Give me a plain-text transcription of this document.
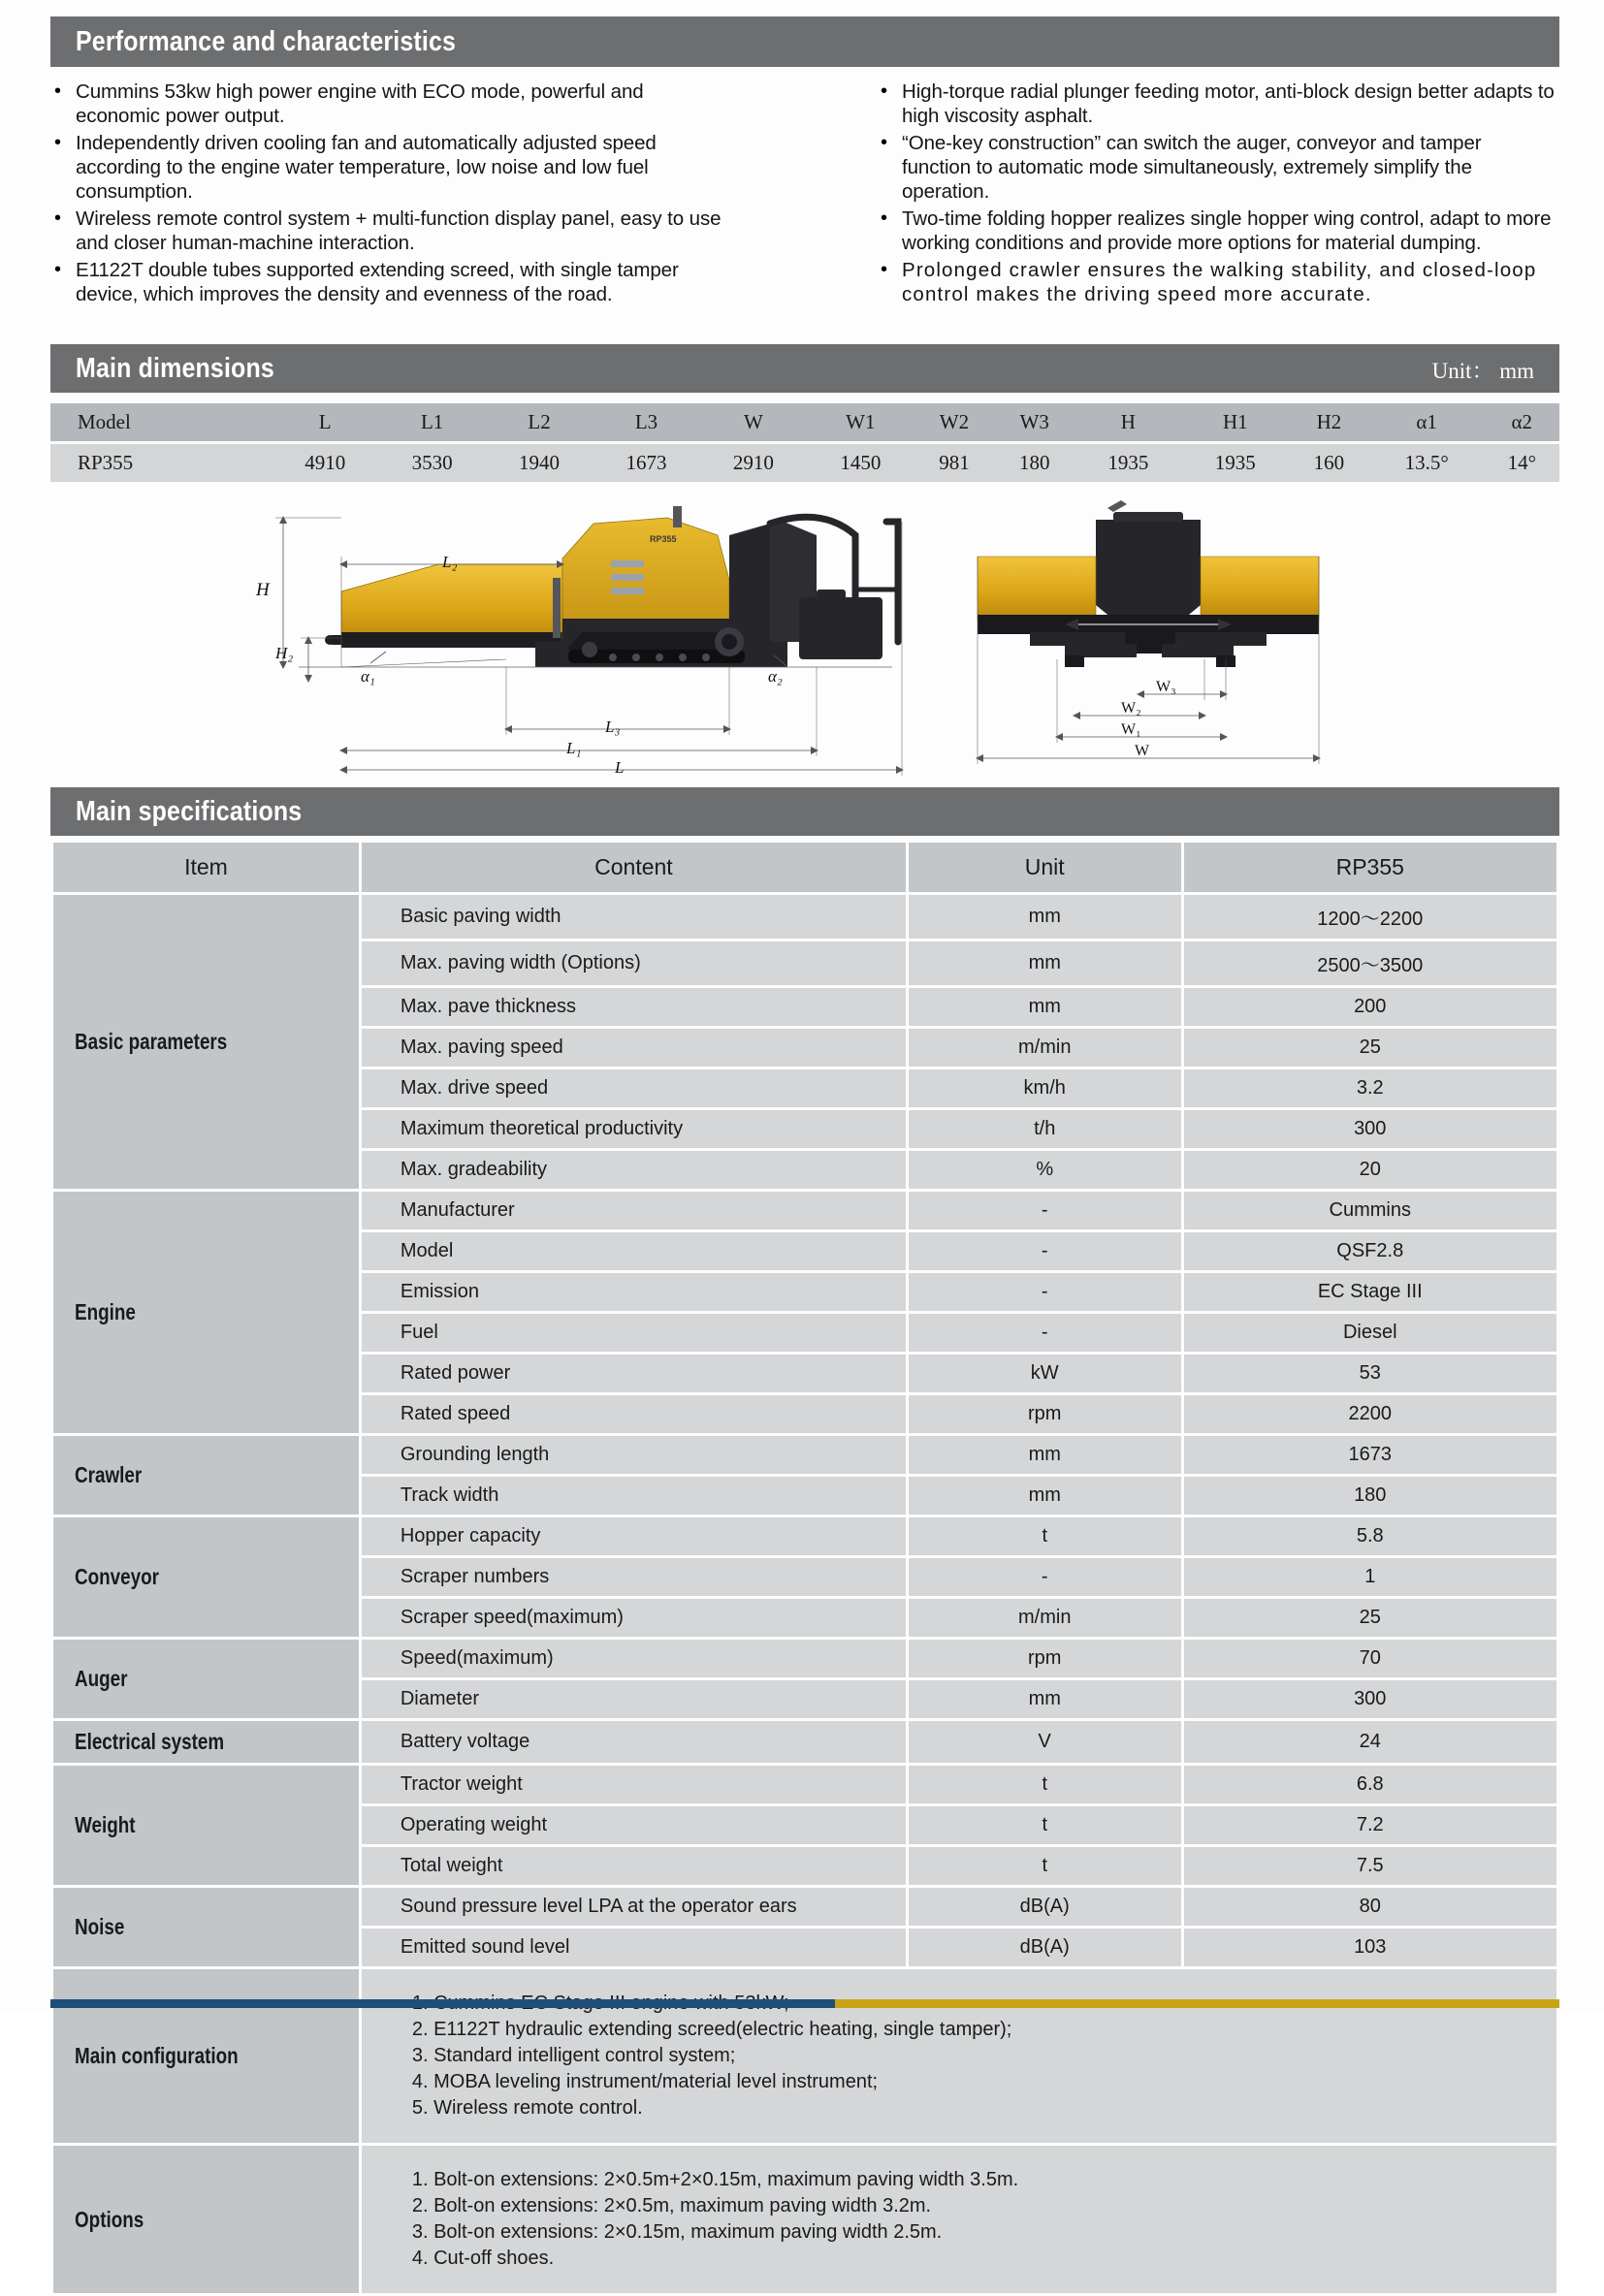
Performance and characteristics
• Cummins 53kw high power engine with ECO mode, powerful and economic power output.
• Independently driven cooling fan and automatically adjusted speed according to the engine water temperature, low noise and low fuel consumption.
• Wireless remote control system + multi-function display panel, easy to use and closer human-machine interaction.
• E1122T double tubes supported extending screed, with single tamper device, which improves the density and evenness of the road.
• High-torque radial plunger feeding motor, anti-block design better adapts to high viscosity asphalt.
• “One-key construction” can switch the auger, conveyor and tamper function to automatic mode simultaneously, extremely simplify the operation.
• Two-time folding hopper realizes single hopper wing control, adapt to more working conditions and provide more options for material dumping.
• Prolonged crawler ensures the walking stability, and closed-loop control makes the driving speed more accurate.
Main dimensions	Unit： mm
Model	L	L1	L2	L3	W	W1	W2	W3	H	H1	H2	α1	α2
RP355	4910	3530	1940	1673	2910	1450	981	180	1935	1935	160	13.5°	14°
RP355
H
H₂
L₂
L₃
L₁
L
α₁	α₂
W₃
W₂
W₁
W
Main specifications
Item	Content	Unit	RP355
Basic parameters	Basic paving width	mm	1200～2200
	Max. paving width (Options)	mm	2500～3500
	Max. pave thickness	mm	200
	Max. paving speed	m/min	25
	Max. drive speed	km/h	3.2
	Maximum theoretical productivity	t/h	300
	Max. gradeability	%	20
Engine	Manufacturer	-	Cummins
	Model	-	QSF2.8
	Emission	-	EC Stage III
	Fuel	-	Diesel
	Rated power	kW	53
	Rated speed	rpm	2200
Crawler	Grounding length	mm	1673
	Track width	mm	180
Conveyor	Hopper capacity	t	5.8
	Scraper numbers	-	1
	Scraper speed(maximum)	m/min	25
Auger	Speed(maximum)	rpm	70
	Diameter	mm	300
Electrical system	Battery voltage	V	24
Weight	Tractor weight	t	6.8
	Operating weight	t	7.2
	Total weight	t	7.5
Noise	Sound pressure level LPA at the operator ears	dB(A)	80
	Emitted sound level	dB(A)	103
Main configuration	2. E1122T hydraulic extending screed(electric heating, single tamper);
3. Standard intelligent control system;
4. MOBA leveling instrument/material level instrument;
5. Wireless remote control.		

Options	1. Bolt-on extensions: 2×0.5m+2×0.15m, maximum paving width 3.5m.
2. Bolt-on extensions: 2×0.5m, maximum paving width 3.2m.
3. Bolt-on extensions: 2×0.15m, maximum paving width 2.5m.
4. Cut-off shoes.		
